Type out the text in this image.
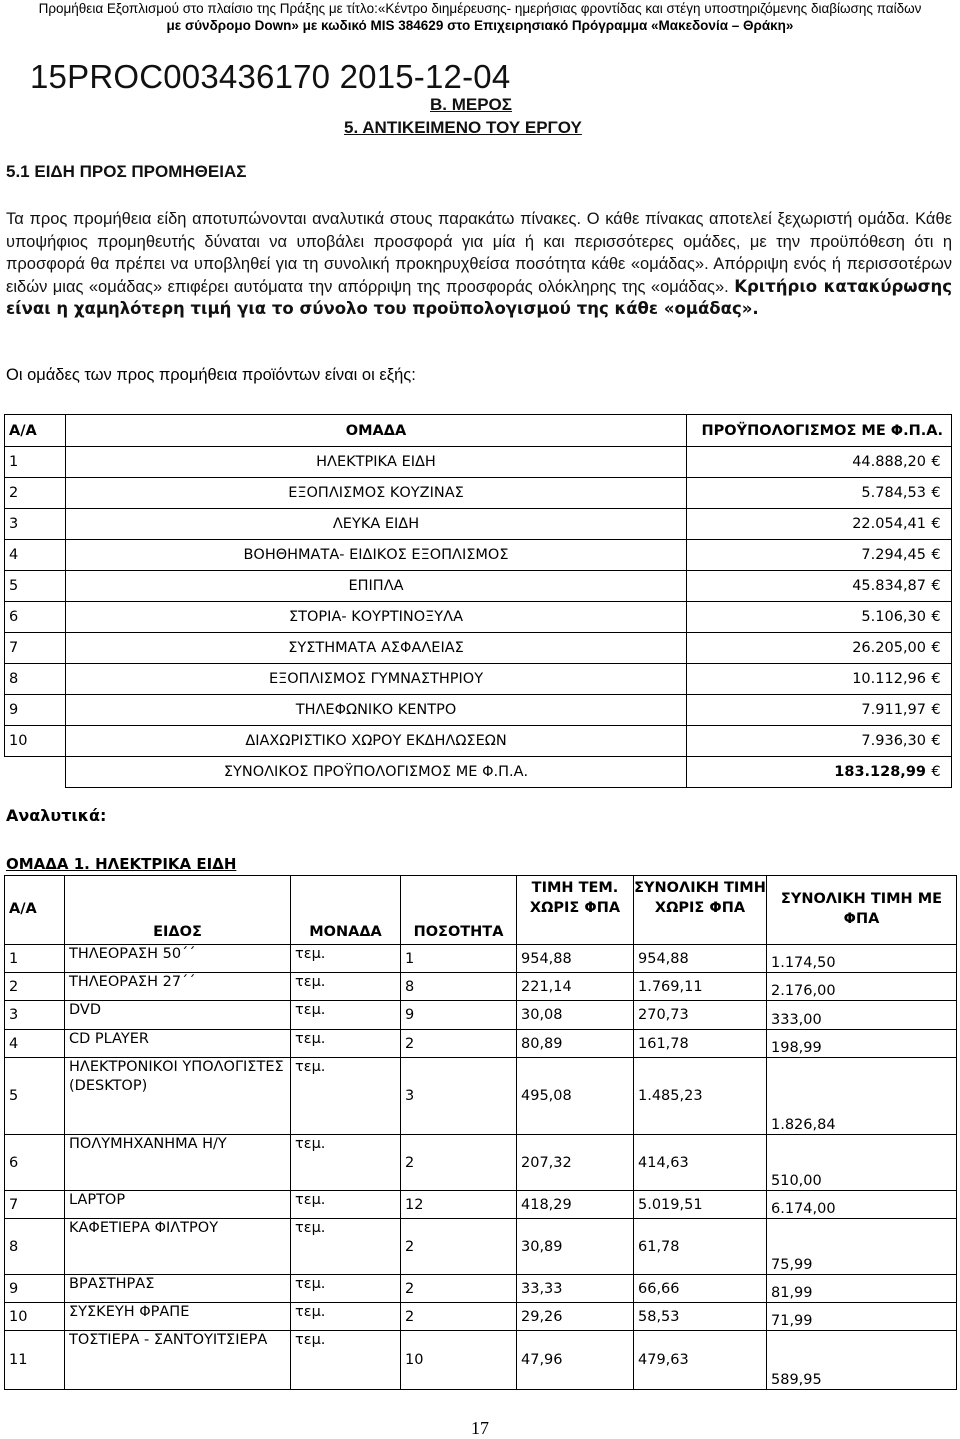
Προμήθεια Εξοπλισμού στο πλαίσιο της Πράξης με τίτλο:«Κέντρο διημέρευσης- ημερήσιας φροντίδας και στέγη υποστηριζόμενης διαβίωσης παίδων
με σύνδρομο Down» με κωδικό MIS 384629 στο Επιχειρησιακό Πρόγραμμα «Μακεδονία – Θράκη»
15PROC003436170 2015-12-04
Β. ΜΕΡΟΣ
5. ΑΝΤΙΚΕΙΜΕΝΟ ΤΟΥ ΕΡΓΟΥ
5.1 ΕΙΔΗ ΠΡΟΣ ΠΡΟΜΗΘΕΙΑΣ
Τα προς προμήθεια είδη αποτυπώνονται αναλυτικά στους παρακάτω πίνακες. Ο κάθε πίνακας αποτελεί ξεχωριστή ομάδα. Κάθε υποψήφιος προμηθευτής δύναται να υποβάλει προσφορά για μία ή και περισσότερες ομάδες, με την προϋπόθεση ότι η προσφορά θα πρέπει να υποβληθεί για τη συνολική προκηρυχθείσα ποσότητα κάθε «ομάδας». Απόρριψη ενός ή περισσοτέρων ειδών μιας «ομάδας» επιφέρει αυτόματα την απόρριψη της προσφοράς ολόκληρης της «ομάδας». Κριτήριο κατακύρωσης είναι η χαμηλότερη τιμή για το σύνολο του προϋπολογισμού της κάθε «ομάδας».
Οι ομάδες των προς προμήθεια προϊόντων είναι οι εξής:
Α/Α	ΟΜΑΔΑ	ΠΡΟΫΠΟΛΟΓΙΣΜΟΣ ΜΕ Φ.Π.Α.
1	ΗΛΕΚΤΡΙΚΑ ΕΙΔΗ	44.888,20 €
2	ΕΞΟΠΛΙΣΜΟΣ ΚΟΥΖΙΝΑΣ	5.784,53 €
3	ΛΕΥΚΑ ΕΙΔΗ	22.054,41 €
4	ΒΟΗΘΗΜΑΤΑ- ΕΙΔΙΚΟΣ ΕΞΟΠΛΙΣΜΟΣ	7.294,45 €
5	ΕΠΙΠΛΑ	45.834,87 €
6	ΣΤΟΡΙΑ- ΚΟΥΡΤΙΝΟΞΥΛΑ	5.106,30 €
7	ΣΥΣΤΗΜΑΤΑ ΑΣΦΑΛΕΙΑΣ	26.205,00 €
8	ΕΞΟΠΛΙΣΜΟΣ ΓΥΜΝΑΣΤΗΡΙΟΥ	10.112,96 €
9	ΤΗΛΕΦΩΝΙΚΟ ΚΕΝΤΡΟ	7.911,97 €
10	ΔΙΑΧΩΡΙΣΤΙΚΟ ΧΩΡΟΥ ΕΚΔΗΛΩΣΕΩΝ	7.936,30 €
	ΣΥΝΟΛΙΚΟΣ ΠΡΟΫΠΟΛΟΓΙΣΜΟΣ ΜΕ Φ.Π.Α.	183.128,99 €
Αναλυτικά:
ΟΜΑΔΑ 1. ΗΛΕΚΤΡΙΚΑ ΕΙΔΗ
Α/Α	ΕΙΔΟΣ	ΜΟΝΑΔΑ	ΠΟΣΟΤΗΤΑ	ΤΙΜΗ ΤΕΜ. ΧΩΡΙΣ ΦΠΑ	ΣΥΝΟΛΙΚΗ ΤΙΜΗ ΧΩΡΙΣ ΦΠΑ	ΣΥΝΟΛΙΚΗ ΤΙΜΗ ΜΕ ΦΠΑ
1	ΤΗΛΕΟΡΑΣΗ 50΄΄	τεμ.	1	954,88	954,88	1.174,50
2	ΤΗΛΕΟΡΑΣΗ 27΄΄	τεμ.	8	221,14	1.769,11	2.176,00
3	DVD	τεμ.	9	30,08	270,73	333,00
4	CD PLAYER	τεμ.	2	80,89	161,78	198,99
5	ΗΛΕΚΤΡΟΝΙΚΟΙ ΥΠΟΛΟΓΙΣΤΕΣ (DESKTOP)	τεμ.	3	495,08	1.485,23	1.826,84
6	ΠΟΛΥΜΗΧΑΝΗΜΑ Η/Υ	τεμ.	2	207,32	414,63	510,00
7	LAPTOP	τεμ.	12	418,29	5.019,51	6.174,00
8	ΚΑΦΕΤΙΕΡΑ ΦΙΛΤΡΟΥ	τεμ.	2	30,89	61,78	75,99
9	ΒΡΑΣΤΗΡΑΣ	τεμ.	2	33,33	66,66	81,99
10	ΣΥΣΚΕΥΗ ΦΡΑΠΕ	τεμ.	2	29,26	58,53	71,99
11	ΤΟΣΤΙΕΡΑ - ΣΑΝΤΟΥΙΤΣΙΕΡΑ	τεμ.	10	47,96	479,63	589,95
17
